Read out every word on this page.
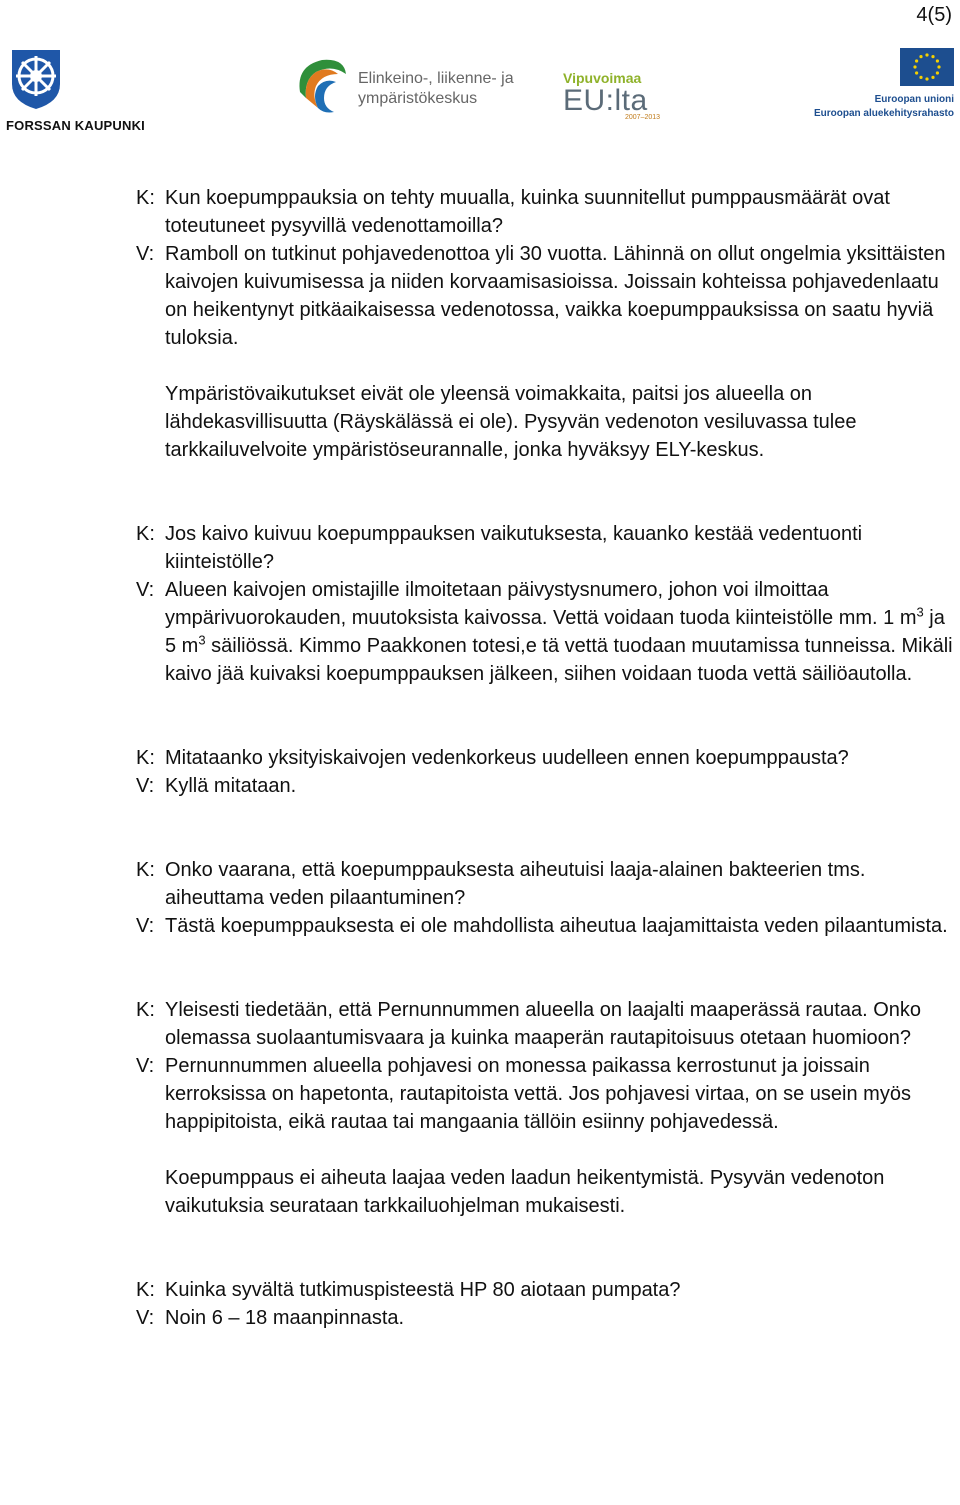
4(5)
FORSSAN KAUPUNKI
Elinkeino-, liikenne- ja
ympäristökeskus
Vipuvoimaa
EU:lta
2007–2013
Euroopan unioni
Euroopan aluekehitysrahasto
K: Kun koepumppauksia on tehty muualla, kuinka suunnitellut pumppausmäärät ovat toteutuneet pysyvillä vedenottamoilla?
V: Ramboll on tutkinut pohjavedenottoa yli 30 vuotta. Lähinnä on ollut ongelmia yksittäisten kaivojen kuivumisessa ja niiden korvaamisasioissa. Joissain kohteissa pohjavedenlaatu on heikentynyt pitkäaikaisessa vedenotossa, vaikka koepumppauksissa on saatu hyviä tuloksia.

Ympäristövaikutukset eivät ole yleensä voimakkaita, paitsi jos alueella on lähdekasvillisuutta (Räyskälässä ei ole). Pysyvän vedenoton vesiluvassa tulee tarkkailuvelvoite ympäristöseurannalle, jonka hyväksyy ELY-keskus.

K: Jos kaivo kuivuu koepumppauksen vaikutuksesta, kauanko kestää vedentuonti kiinteistölle?
V: Alueen kaivojen omistajille ilmoitetaan päivystysnumero, johon voi ilmoittaa ympärivuorokauden, muutoksista kaivossa. Vettä voidaan tuoda kiinteistölle mm. 1 $m^3$ ja 5 $m^3$ säiliössä. Kimmo Paakkonen totesi,e tä vettä tuodaan muutamissa tunneissa. Mikäli kaivo jää kuivaksi koepumppauksen jälkeen, siihen voidaan tuoda vettä säiliöautolla.
K: Mitataanko yksityiskaivojen vedenkorkeus uudelleen ennen koepumppausta?
V: Kyllä mitataan.
K: Onko vaarana, että koepumppauksesta aiheutuisi laaja-alainen bakteerien tms. aiheuttama veden pilaantuminen?
V: Tästä koepumppauksesta ei ole mahdollista aiheutua laajamittaista veden pilaantumista.
K: Yleisesti tiedetään, että Pernunnummen alueella on laajalti maaperässä rautaa. Onko olemassa suolaantumisvaara ja kuinka maaperän rautapitoisuus otetaan huomioon?
V: Pernunnummen alueella pohjavesi on monessa paikassa kerrostunut ja joissain kerroksissa on hapetonta, rautapitoista vettä. Jos pohjavesi virtaa, on se usein myös happipitoista, eikä rautaa tai mangaania tällöin esiinny pohjavedessä.

Koepumppaus ei aiheuta laajaa veden laadun heikentymistä. Pysyvän vedenoton vaikutuksia seurataan tarkkailuohjelman mukaisesti.

K: Kuinka syvältä tutkimuspisteestä HP 80 aiotaan pumpata?
V: Noin 6 – 18 maanpinnasta.
